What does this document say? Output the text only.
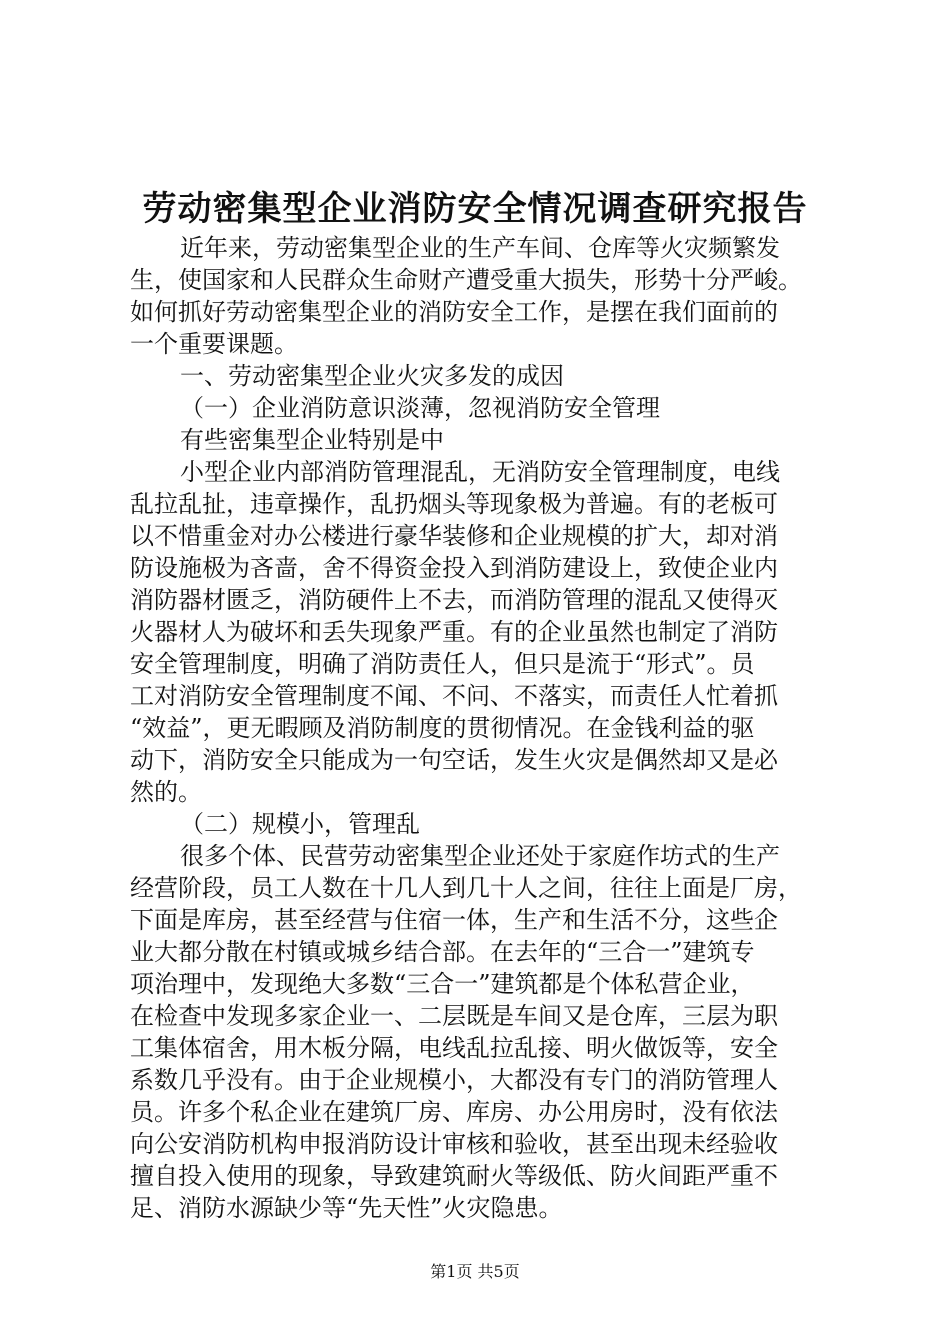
劳动密集型企业消防安全情况调查研究报告
近年来，劳动密集型企业的生产车间、仓库等火灾频繁发
生，使国家和人民群众生命财产遭受重大损失，形势十分严峻。
如何抓好劳动密集型企业的消防安全工作，是摆在我们面前的
一个重要课题。
一、劳动密集型企业火灾多发的成因
（一）企业消防意识淡薄，忽视消防安全管理
有些密集型企业特别是中
小型企业内部消防管理混乱，无消防安全管理制度，电线
乱拉乱扯，违章操作，乱扔烟头等现象极为普遍。有的老板可
以不惜重金对办公楼进行豪华装修和企业规模的扩大，却对消
防设施极为吝啬，舍不得资金投入到消防建设上，致使企业内
消防器材匮乏，消防硬件上不去，而消防管理的混乱又使得灭
火器材人为破坏和丢失现象严重。有的企业虽然也制定了消防
安全管理制度，明确了消防责任人，但只是流于“形式”。员
工对消防安全管理制度不闻、不问、不落实，而责任人忙着抓
“效益”，更无暇顾及消防制度的贯彻情况。在金钱利益的驱
动下，消防安全只能成为一句空话，发生火灾是偶然却又是必
然的。
（二）规模小，管理乱
很多个体、民营劳动密集型企业还处于家庭作坊式的生产
经营阶段，员工人数在十几人到几十人之间，往往上面是厂房，
下面是库房，甚至经营与住宿一体，生产和生活不分，这些企
业大都分散在村镇或城乡结合部。在去年的“三合一”建筑专
项治理中，发现绝大多数“三合一”建筑都是个体私营企业，
在检查中发现多家企业一、二层既是车间又是仓库，三层为职
工集体宿舍，用木板分隔，电线乱拉乱接、明火做饭等，安全
系数几乎没有。由于企业规模小，大都没有专门的消防管理人
员。许多个私企业在建筑厂房、库房、办公用房时，没有依法
向公安消防机构申报消防设计审核和验收，甚至出现未经验收
擅自投入使用的现象，导致建筑耐火等级低、防火间距严重不
足、消防水源缺少等“先天性”火灾隐患。
第1页 共5页
